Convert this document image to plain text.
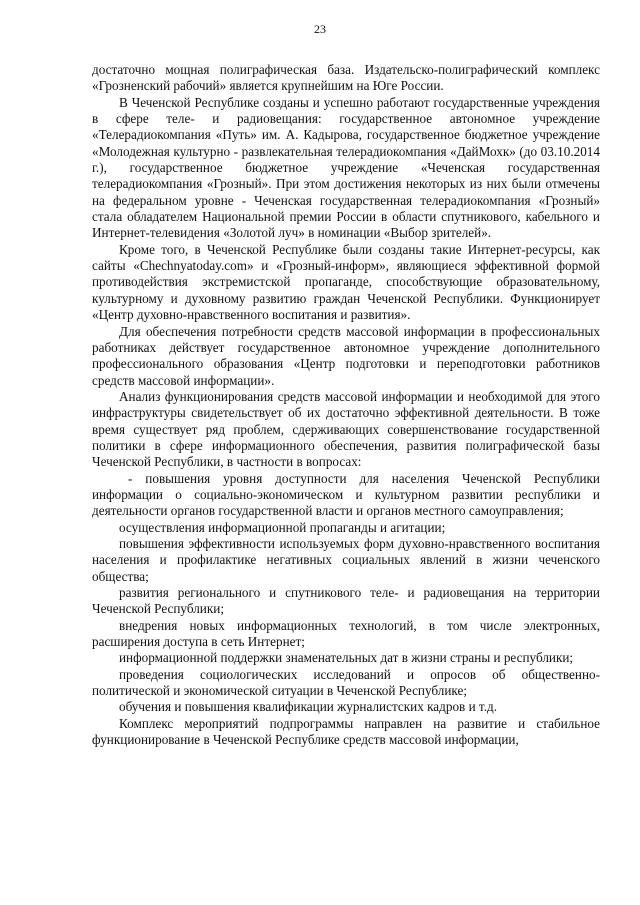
23

достаточно мощная полиграфическая база. Издательско-полиграфический комплекс «Грозненский рабочий» является крупнейшим на Юге России.

В Чеченской Республике созданы и успешно работают государственные учреждения в сфере теле- и радиовещания: государственное автономное учреждение «Телерадиокомпания «Путь» им. А. Кадырова, государственное бюджетное учреждение «Молодежная культурно - развлекательная телерадиокомпания «ДайМохк» (до 03.10.2014 г.), государственное бюджетное учреждение «Чеченская государственная телерадиокомпания «Грозный». При этом достижения некоторых из них были отмечены на федеральном уровне - Чеченская государственная телерадиокомпания «Грозный» стала обладателем Национальной премии России в области спутникового, кабельного и Интернет-телевидения «Золотой луч» в номинации «Выбор зрителей».

Кроме того, в Чеченской Республике были созданы такие Интернет-ресурсы, как сайты «Chechnyatoday.com» и «Грозный-информ», являющиеся эффективной формой противодействия экстремистской пропаганде, способствующие образовательному, культурному и духовному развитию граждан Чеченской Республики. Функционирует «Центр духовно-нравственного воспитания и развития».

Для обеспечения потребности средств массовой информации в профессиональных работниках действует государственное автономное учреждение дополнительного профессионального образования «Центр подготовки и переподготовки работников средств массовой информации».

Анализ функционирования средств массовой информации и необходимой для этого инфраструктуры свидетельствует об их достаточно эффективной деятельности. В тоже время существует ряд проблем, сдерживающих совершенствование государственной политики в сфере информационного обеспечения, развития полиграфической базы Чеченской Республики, в частности в вопросах:

- повышения уровня доступности для населения Чеченской Республики информации о социально-экономическом и культурном развитии республики и деятельности органов государственной власти и органов местного самоуправления;

осуществления информационной пропаганды и агитации;

повышения эффективности используемых форм духовно-нравственного воспитания населения и профилактике негативных социальных явлений в жизни чеченского общества;

развития регионального и спутникового теле- и радиовещания на территории Чеченской Республики;

внедрения новых информационных технологий, в том числе электронных, расширения доступа в сеть Интернет;

информационной поддержки знаменательных дат в жизни страны и республики;

проведения социологических исследований и опросов об общественно-политической и экономической ситуации в Чеченской Республике;

обучения и повышения квалификации журналистских кадров и т.д.

Комплекс мероприятий подпрограммы направлен на развитие и стабильное функционирование в Чеченской Республике средств массовой информации,
